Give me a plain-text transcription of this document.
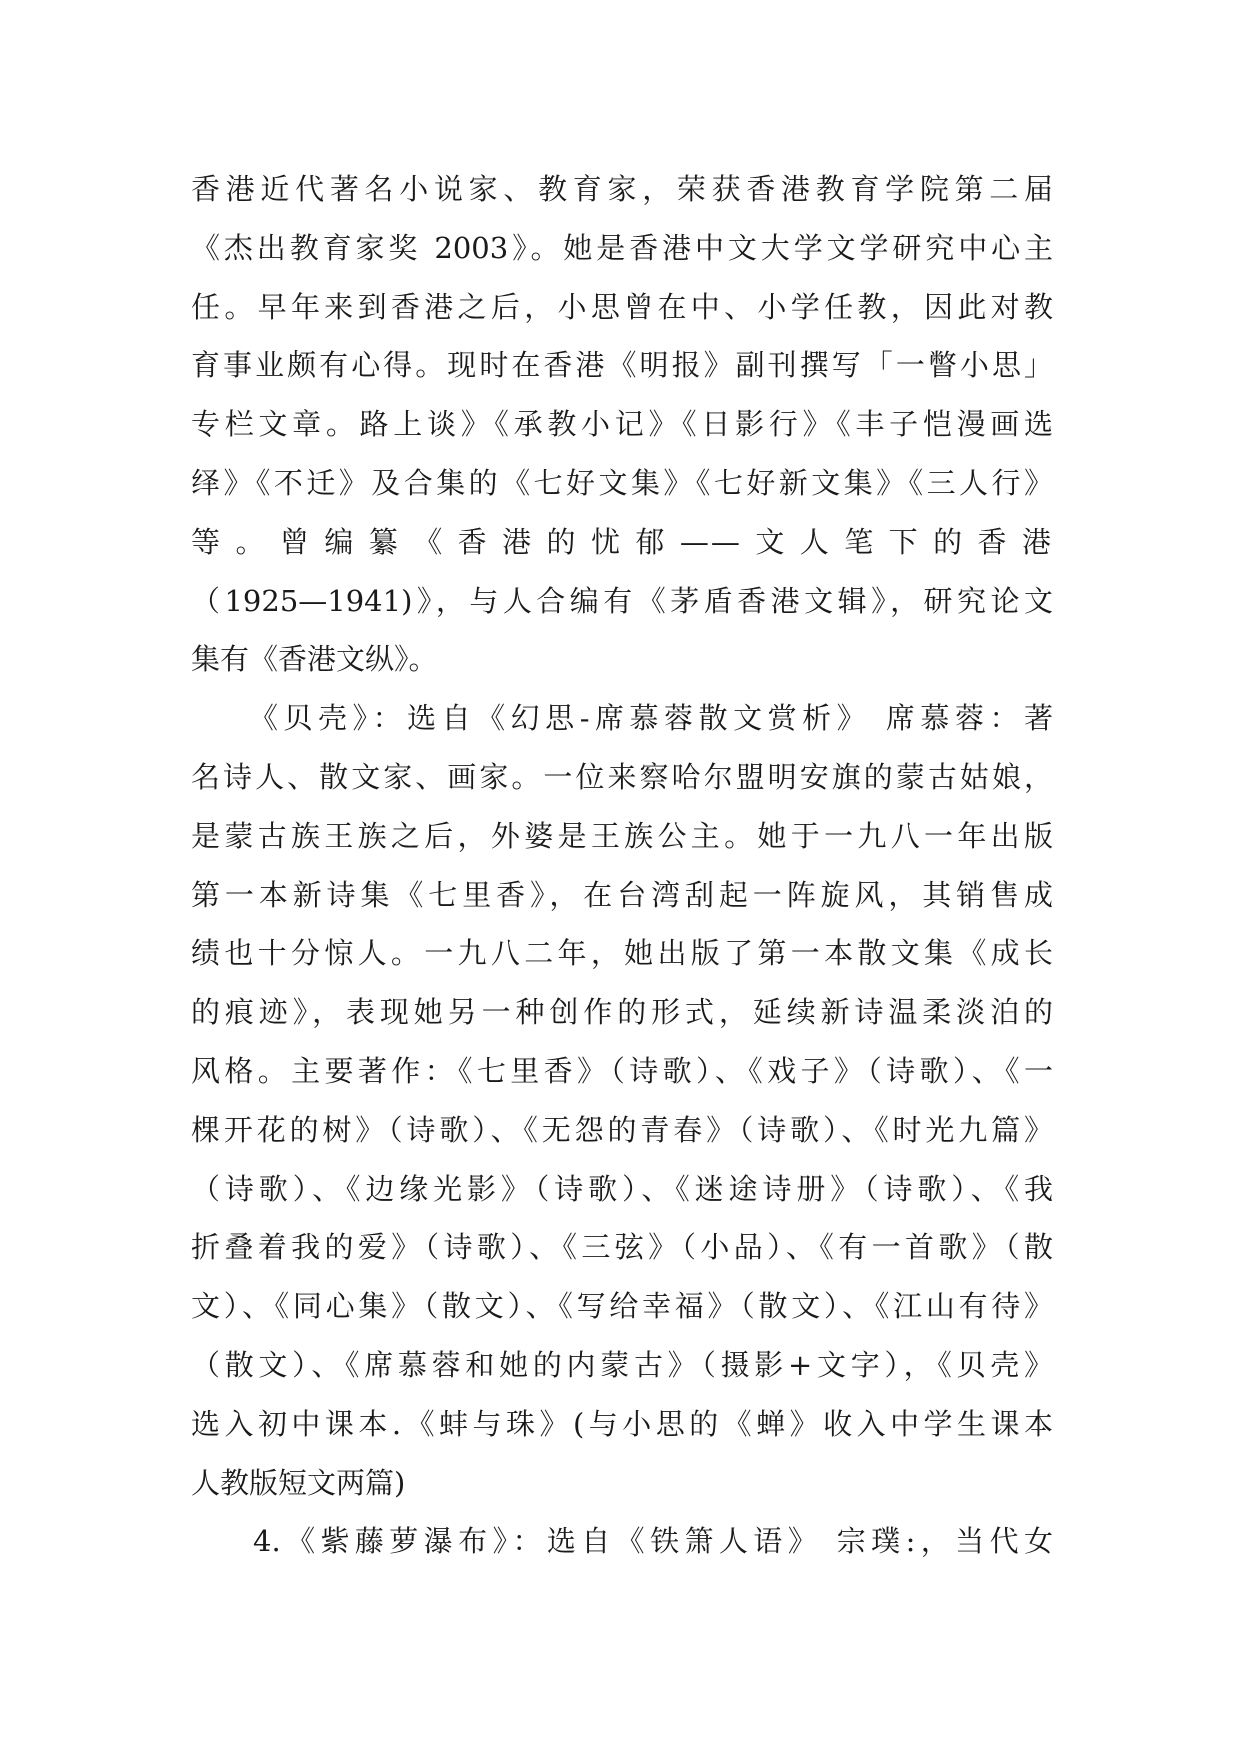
香港近代著名小说家、教育家，荣获香港教育学院第二届
《杰出教育家奖 2003》。她是香港中文大学文学研究中心主
任。早年来到香港之后，小思曾在中、小学任教，因此对教
育事业颇有心得。现时在香港《明报》副刊撰写「一瞥小思」
专栏文章。路上谈》《承教小记》《日影行》《丰子恺漫画选
绎》《不迁》及合集的《七好文集》《七好新文集》《三人行》
等。曾编纂《香港的忧郁——文人笔下的香港
（1925—1941)》，与人合编有《茅盾香港文辑》，研究论文
集有《香港文纵》。
《贝壳》：选自《幻思-席慕蓉散文赏析》 席慕蓉：著
名诗人、散文家、画家。一位来察哈尔盟明安旗的蒙古姑娘，
是蒙古族王族之后，外婆是王族公主。她于一九八一年出版
第一本新诗集《七里香》，在台湾刮起一阵旋风，其销售成
绩也十分惊人。一九八二年，她出版了第一本散文集《成长
的痕迹》，表现她另一种创作的形式，延续新诗温柔淡泊的
风格。主要著作：《七里香》（诗歌）、《戏子》（诗歌）、《一
棵开花的树》（诗歌）、《无怨的青春》（诗歌）、《时光九篇》
（诗歌）、《边缘光影》（诗歌）、《迷途诗册》（诗歌）、《我
折叠着我的爱》（诗歌）、《三弦》（小品）、《有一首歌》（散
文）、《同心集》（散文）、《写给幸福》（散文）、《江山有待》
（散文）、《席慕蓉和她的内蒙古》（摄影+文字），《贝壳》
选入初中课本.《蚌与珠》(与小思的《蝉》收入中学生课本
人教版短文两篇)
4.《紫藤萝瀑布》：选自《铁箫人语》 宗璞:，当代女
